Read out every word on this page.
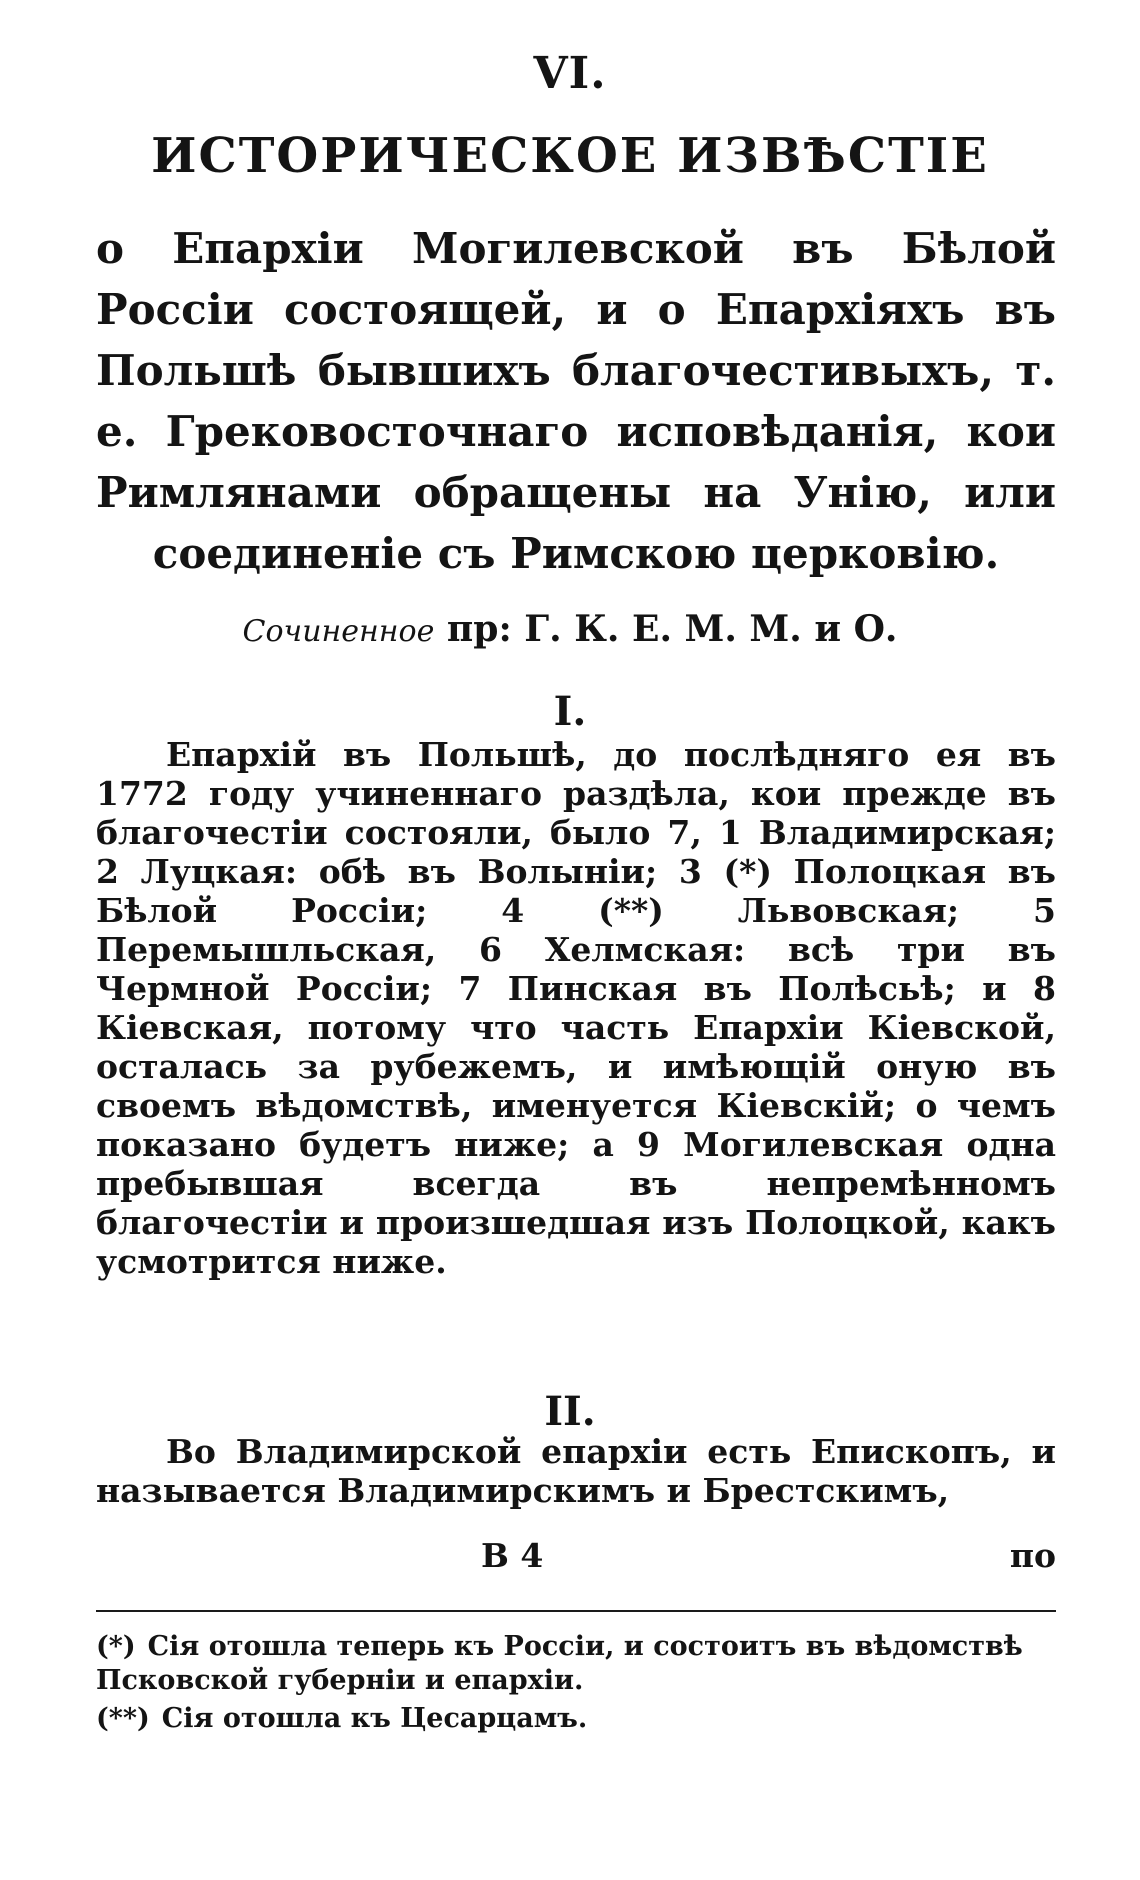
VI.
ИСТОРИЧЕСКОЕ ИЗВѢСТIЕ
о Епархiи Могилевской въ Бѣлой Россiи состоящей, и о Епархiяхъ въ Польшѣ бывшихъ благочестивыхъ, т. е. Грековосточнаго исповѣданiя, кои Римлянами обращены на Унiю, или соединенiе съ Римскою церковiю.
Сочиненное пр: Г. К. Е. М. М. и О.
I.
Епархiй въ Польшѣ, до послѣдняго ея въ 1772 году учиненнаго раздѣла, кои прежде въ благочестiи состояли, было 7, 1 Владимирская; 2 Луцкая: обѣ въ Волынiи; 3 (*) Полоцкая въ Бѣлой Россiи; 4 (**) Львовская; 5 Перемышльская, 6 Хелмская: всѣ три въ Чермной Россiи; 7 Пинская въ Полѣсьѣ; и 8 Кiевская, потому что часть Епархiи Кiевской, осталась за рубежемъ, и имѣющiй оную въ своемъ вѣдомствѣ, именуется Кiевскiй; о чемъ показано будетъ ниже; а 9 Могилевская одна пребывшая всегда въ непремѣнномъ благочестiи и произшедшая изъ Полоцкой, какъ усмотрится ниже.
II.
Во Владимирской епархiи есть Епископъ, и называется Владимирскимъ и Брестскимъ,
В 4	по
(*) Сiя отошла теперь къ Россiи, и состоитъ въ вѣдомствѣ Псковской губернiи и епархiи.
(**) Сiя отошла къ Цесарцамъ.
